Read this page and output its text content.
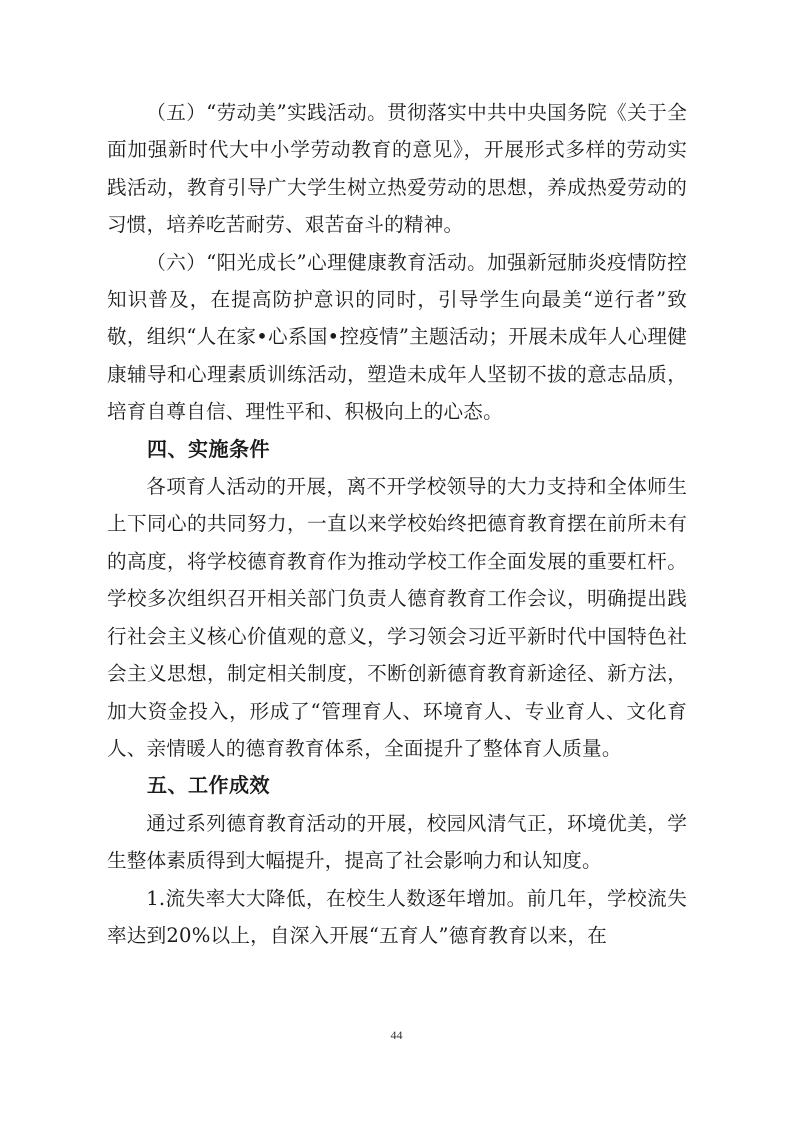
（五）“劳动美”实践活动。贯彻落实中共中央国务院《关于全面加强新时代大中小学劳动教育的意见》，开展形式多样的劳动实践活动，教育引导广大学生树立热爱劳动的思想，养成热爱劳动的习惯，培养吃苦耐劳、艰苦奋斗的精神。

（六）“阳光成长”心理健康教育活动。加强新冠肺炎疫情防控知识普及，在提高防护意识的同时，引导学生向最美“逆行者”致敬，组织“人在家•心系国•控疫情”主题活动；开展未成年人心理健康辅导和心理素质训练活动，塑造未成年人坚韧不拔的意志品质，培育自尊自信、理性平和、积极向上的心态。

四、实施条件

各项育人活动的开展，离不开学校领导的大力支持和全体师生上下同心的共同努力，一直以来学校始终把德育教育摆在前所未有的高度，将学校德育教育作为推动学校工作全面发展的重要杠杆。学校多次组织召开相关部门负责人德育教育工作会议，明确提出践行社会主义核心价值观的意义，学习领会习近平新时代中国特色社会主义思想，制定相关制度，不断创新德育教育新途径、新方法，加大资金投入，形成了“管理育人、环境育人、专业育人、文化育人、亲情暖人的德育教育体系，全面提升了整体育人质量。

五、工作成效

通过系列德育教育活动的开展，校园风清气正，环境优美，学生整体素质得到大幅提升，提高了社会影响力和认知度。

1.流失率大大降低，在校生人数逐年增加。前几年，学校流失率达到20%以上，自深入开展“五育人”德育教育以来，在

44
